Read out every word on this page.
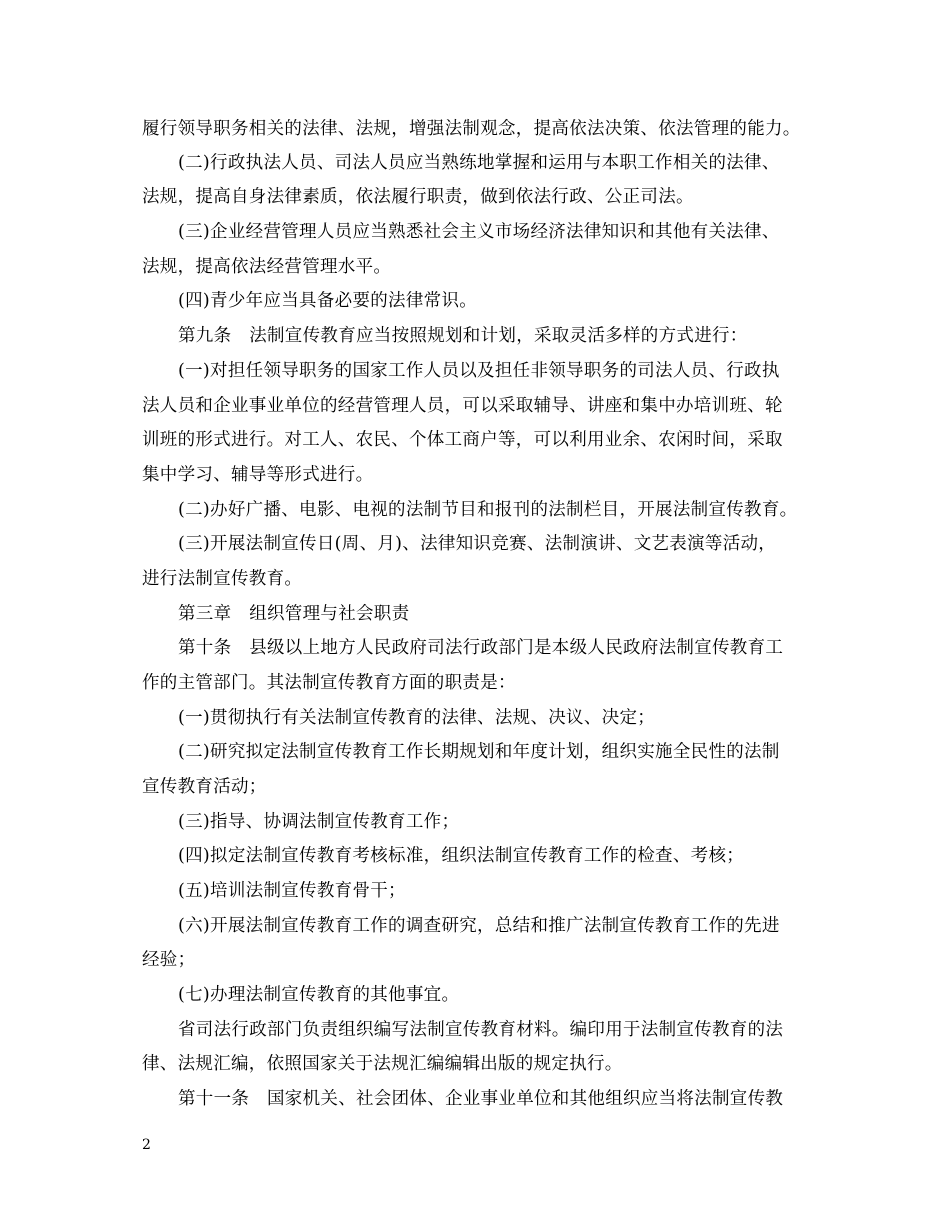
履行领导职务相关的法律、法规，增强法制观念，提高依法决策、依法管理的能力。
(二)行政执法人员、司法人员应当熟练地掌握和运用与本职工作相关的法律、
法规，提高自身法律素质，依法履行职责，做到依法行政、公正司法。
(三)企业经营管理人员应当熟悉社会主义市场经济法律知识和其他有关法律、
法规，提高依法经营管理水平。
(四)青少年应当具备必要的法律常识。
第九条　法制宣传教育应当按照规划和计划，采取灵活多样的方式进行：
(一)对担任领导职务的国家工作人员以及担任非领导职务的司法人员、行政执
法人员和企业事业单位的经营管理人员，可以采取辅导、讲座和集中办培训班、轮
训班的形式进行。对工人、农民、个体工商户等，可以利用业余、农闲时间，采取
集中学习、辅导等形式进行。
(二)办好广播、电影、电视的法制节目和报刊的法制栏目，开展法制宣传教育。
(三)开展法制宣传日(周、月)、法律知识竞赛、法制演讲、文艺表演等活动，
进行法制宣传教育。
第三章　组织管理与社会职责
第十条　县级以上地方人民政府司法行政部门是本级人民政府法制宣传教育工
作的主管部门。其法制宣传教育方面的职责是：
(一)贯彻执行有关法制宣传教育的法律、法规、决议、决定；
(二)研究拟定法制宣传教育工作长期规划和年度计划，组织实施全民性的法制
宣传教育活动；
(三)指导、协调法制宣传教育工作；
(四)拟定法制宣传教育考核标准，组织法制宣传教育工作的检查、考核；
(五)培训法制宣传教育骨干；
(六)开展法制宣传教育工作的调查研究，总结和推广法制宣传教育工作的先进
经验；
(七)办理法制宣传教育的其他事宜。
省司法行政部门负责组织编写法制宣传教育材料。编印用于法制宣传教育的法
律、法规汇编，依照国家关于法规汇编编辑出版的规定执行。
第十一条　国家机关、社会团体、企业事业单位和其他组织应当将法制宣传教
2
